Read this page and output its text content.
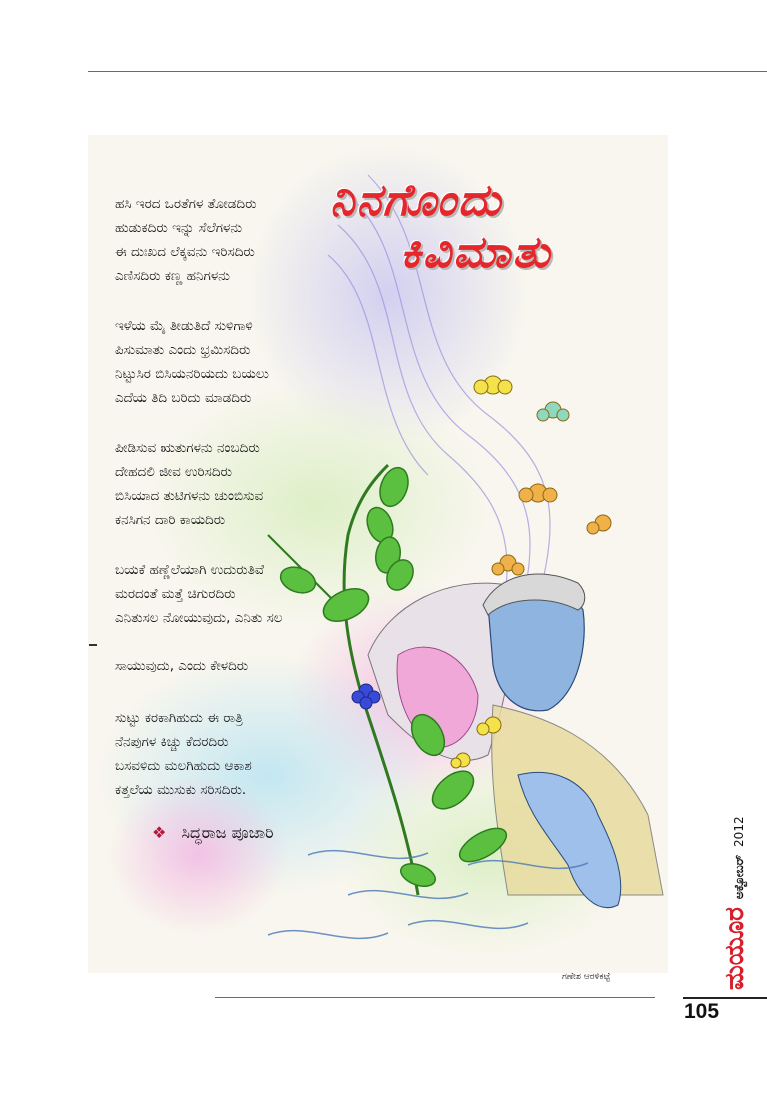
ನಿನಗೊಂದು
ಕಿವಿಮಾತು
ಹಸಿ ಇರದ ಒರತೆಗಳ ತೋಡದಿರು
ಹುಡುಕದಿರು ಇನ್ನು ಸೆಲೆಗಳನು
ಈ ದುಃಖದ ಲೆಕ್ಕವನು ಇರಿಸದಿರು
ಎಣಿಸದಿರು ಕಣ್ಣ ಹನಿಗಳನು
ಇಳೆಯ ಮೈ ತೀಡುತಿದೆ ಸುಳಿಗಾಳಿ
ಪಿಸುಮಾತು ಎಂದು ಭ್ರಮಿಸದಿರು
ನಿಟ್ಟುಸಿರ ಬಿಸಿಯನರಿಯದು ಬಯಲು
ಎದೆಯ ತಿದಿ ಬರಿದು ಮಾಡದಿರು
ಪೀಡಿಸುವ ಋತುಗಳನು ನಂಬದಿರು
ದೇಹದಲಿ ಜೀವ ಉರಿಸದಿರು
ಬಿಸಿಯಾದ ತುಟಿಗಳನು ಚುಂಬಿಸುವ
ಕನಸಿಗನ ದಾರಿ ಕಾಯದಿರು
ಬಯಕೆ ಹಣ್ಣೆಲೆಯಾಗಿ ಉದುರುತಿವೆ
ಮರದಂತೆ ಮತ್ತೆ ಚಿಗುರದಿರು
ಎನಿತುಸಲ ನೋಯುವುದು, ಎನಿತು ಸಲ
ಸಾಯುವುದು, ಎಂದು ಕೇಳದಿರು
ಸುಟ್ಟು ಕರಕಾಗಿಹುದು ಈ ರಾತ್ರಿ
ನೆನಪುಗಳ ಕಿಚ್ಚು ಕೆದರದಿರು
ಬಸವಳಿದು ಮಲಗಿಹುದು ಆಕಾಶ
ಕತ್ತಲೆಯ ಮುಸುಕು ಸರಿಸದಿರು.
❖ ಸಿದ್ಧರಾಜ ಪೂಜಾರಿ
ಗಣೇಶ ಆರಳಿಕಟ್ಟೆ	ಮಯೂರ
ಅಕ್ಟೋಬರ್
2012
105
